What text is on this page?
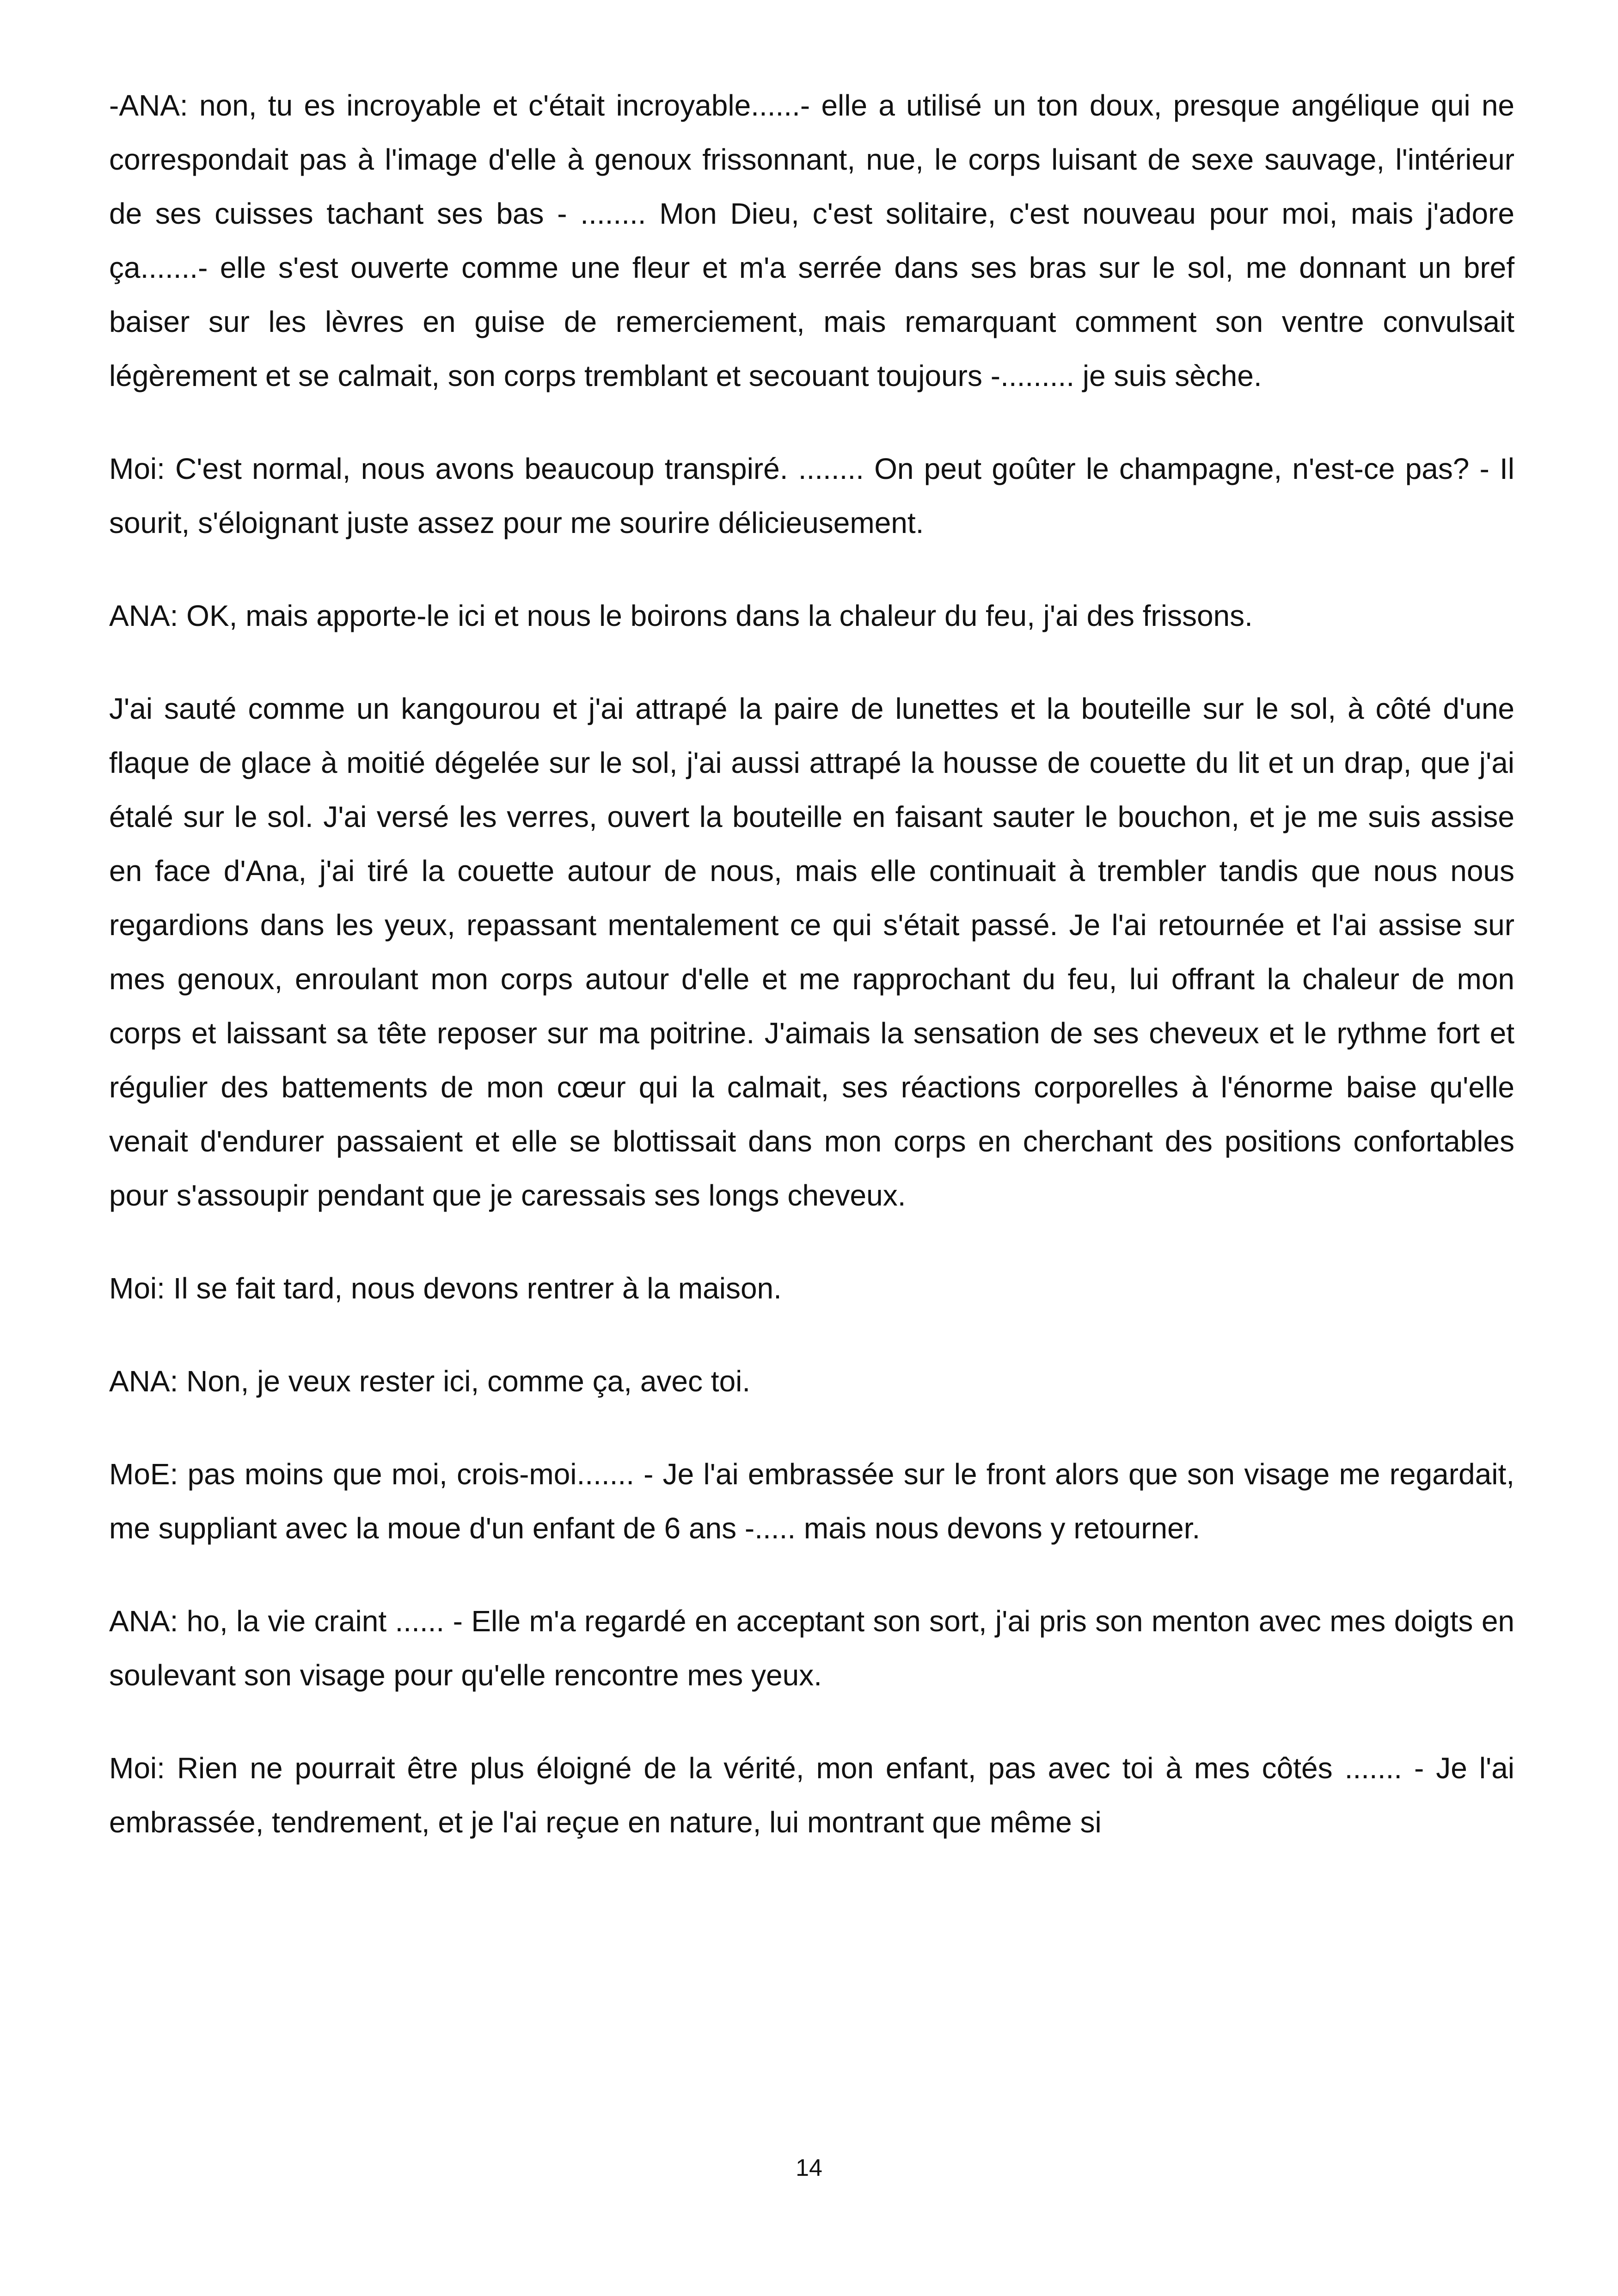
-ANA: non, tu es incroyable et c'était incroyable......- elle a utilisé un ton doux, presque angélique qui ne correspondait pas à l'image d'elle à genoux frissonnant, nue, le corps luisant de sexe sauvage, l'intérieur de ses cuisses tachant ses bas - ........ Mon Dieu, c'est solitaire, c'est nouveau pour moi, mais j'adore ça.......- elle s'est ouverte comme une fleur et m'a serrée dans ses bras sur le sol, me donnant un bref baiser sur les lèvres en guise de remerciement, mais remarquant comment son ventre convulsait légèrement et se calmait, son corps tremblant et secouant toujours -......... je suis sèche.

Moi: C'est normal, nous avons beaucoup transpiré. ........ On peut goûter le champagne, n'est-ce pas? - Il sourit, s'éloignant juste assez pour me sourire délicieusement.

ANA: OK, mais apporte-le ici et nous le boirons dans la chaleur du feu, j'ai des frissons.

J'ai sauté comme un kangourou et j'ai attrapé la paire de lunettes et la bouteille sur le sol, à côté d'une flaque de glace à moitié dégelée sur le sol, j'ai aussi attrapé la housse de couette du lit et un drap, que j'ai étalé sur le sol. J'ai versé les verres, ouvert la bouteille en faisant sauter le bouchon, et je me suis assise en face d'Ana, j'ai tiré la couette autour de nous, mais elle continuait à trembler tandis que nous nous regardions dans les yeux, repassant mentalement ce qui s'était passé. Je l'ai retournée et l'ai assise sur mes genoux, enroulant mon corps autour d'elle et me rapprochant du feu, lui offrant la chaleur de mon corps et laissant sa tête reposer sur ma poitrine. J'aimais la sensation de ses cheveux et le rythme fort et régulier des battements de mon cœur qui la calmait, ses réactions corporelles à l'énorme baise qu'elle venait d'endurer passaient et elle se blottissait dans mon corps en cherchant des positions confortables pour s'assoupir pendant que je caressais ses longs cheveux.

Moi: Il se fait tard, nous devons rentrer à la maison.

ANA: Non, je veux rester ici, comme ça, avec toi.

MoE: pas moins que moi, crois-moi....... - Je l'ai embrassée sur le front alors que son visage me regardait, me suppliant avec la moue d'un enfant de 6 ans -..... mais nous devons y retourner.

ANA: ho, la vie craint ...... - Elle m'a regardé en acceptant son sort, j'ai pris son menton avec mes doigts en soulevant son visage pour qu'elle rencontre mes yeux.

Moi: Rien ne pourrait être plus éloigné de la vérité, mon enfant, pas avec toi à mes côtés ....... - Je l'ai embrassée, tendrement, et je l'ai reçue en nature, lui montrant que même si

14
